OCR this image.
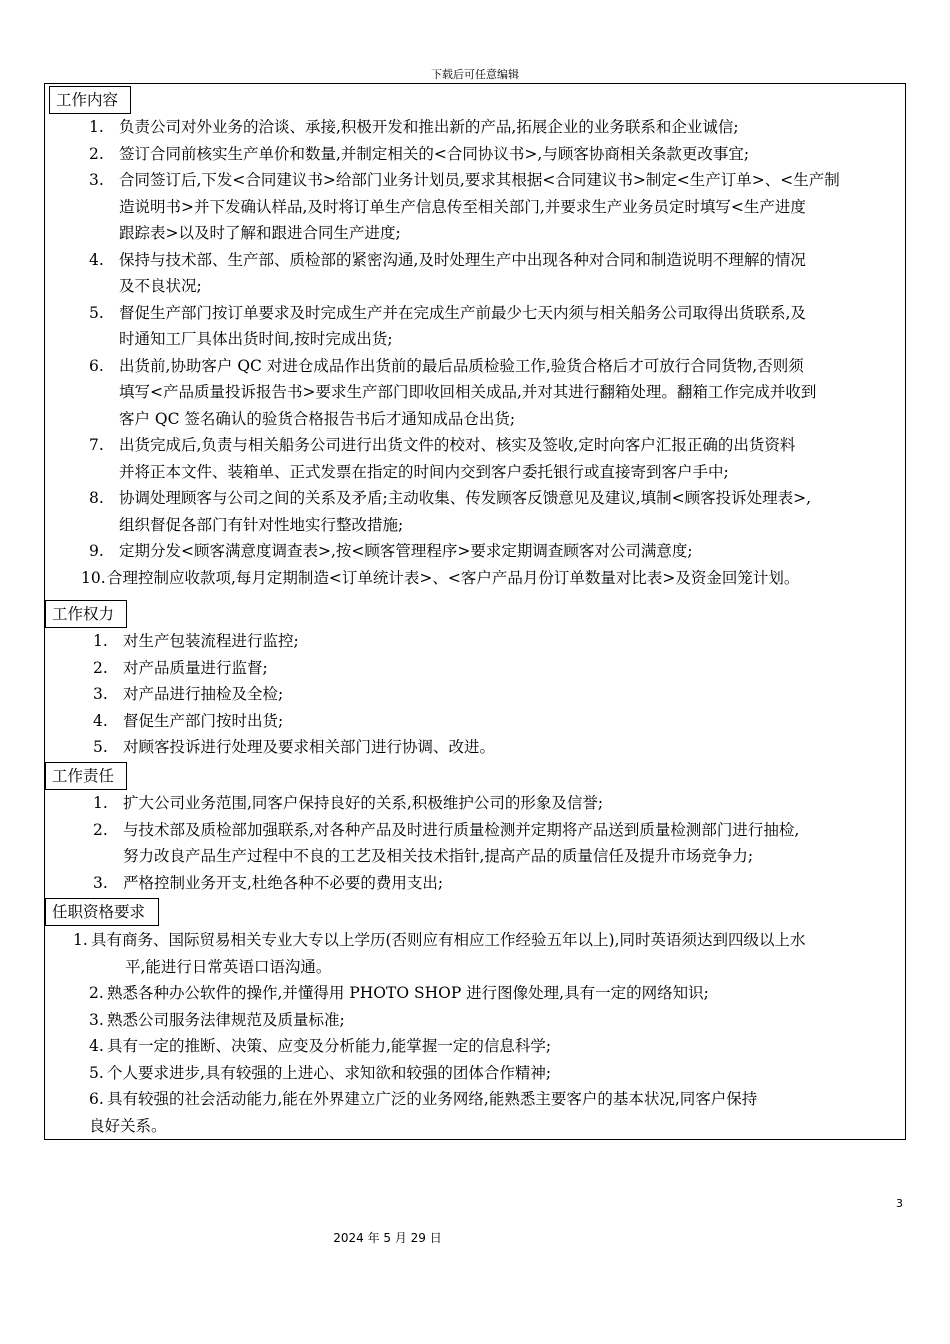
下载后可任意编辑
工作内容
1. 负责公司对外业务的洽谈、承接,积极开发和推出新的产品,拓展企业的业务联系和企业诚信;
2. 签订合同前核实生产单价和数量,并制定相关的<合同协议书>,与顾客协商相关条款更改事宜;
3. 合同签订后,下发<合同建议书>给部门业务计划员,要求其根据<合同建议书>制定<生产订单>、<生产制
造说明书>并下发确认样品,及时将订单生产信息传至相关部门,并要求生产业务员定时填写<生产进度
跟踪表>以及时了解和跟进合同生产进度;
4. 保持与技术部、生产部、质检部的紧密沟通,及时处理生产中出现各种对合同和制造说明不理解的情况
及不良状况;
5. 督促生产部门按订单要求及时完成生产并在完成生产前最少七天内须与相关船务公司取得出货联系,及
时通知工厂具体出货时间,按时完成出货;
6. 出货前,协助客户 QC 对进仓成品作出货前的最后品质检验工作,验货合格后才可放行合同货物,否则须
填写<产品质量投诉报告书>要求生产部门即收回相关成品,并对其进行翻箱处理。翻箱工作完成并收到
客户 QC 签名确认的验货合格报告书后才通知成品仓出货;
7. 出货完成后,负责与相关船务公司进行出货文件的校对、核实及签收,定时向客户汇报正确的出货资料
并将正本文件、装箱单、正式发票在指定的时间内交到客户委托银行或直接寄到客户手中;
8. 协调处理顾客与公司之间的关系及矛盾;主动收集、传发顾客反馈意见及建议,填制<顾客投诉处理表>,
组织督促各部门有针对性地实行整改措施;
9. 定期分发<顾客满意度调查表>,按<顾客管理程序>要求定期调查顾客对公司满意度;
10. 合理控制应收款项,每月定期制造<订单统计表>、<客户产品月份订单数量对比表>及资金回笼计划。
工作权力
1. 对生产包装流程进行监控;
2. 对产品质量进行监督;
3. 对产品进行抽检及全检;
4. 督促生产部门按时出货;
5. 对顾客投诉进行处理及要求相关部门进行协调、改进。
工作责任
1. 扩大公司业务范围,同客户保持良好的关系,积极维护公司的形象及信誉;
2. 与技术部及质检部加强联系,对各种产品及时进行质量检测并定期将产品送到质量检测部门进行抽检,
努力改良产品生产过程中不良的工艺及相关技术指针,提高产品的质量信任及提升市场竞争力;
3. 严格控制业务开支,杜绝各种不必要的费用支出;
任职资格要求
1. 具有商务、国际贸易相关专业大专以上学历(否则应有相应工作经验五年以上),同时英语须达到四级以上水
平,能进行日常英语口语沟通。
2. 熟悉各种办公软件的操作,并懂得用 PHOTO SHOP 进行图像处理,具有一定的网络知识;
3. 熟悉公司服务法律规范及质量标准;
4. 具有一定的推断、决策、应变及分析能力,能掌握一定的信息科学;
5. 个人要求进步,具有较强的上进心、求知欲和较强的团体合作精神;
6. 具有较强的社会活动能力,能在外界建立广泛的业务网络,能熟悉主要客户的基本状况,同客户保持
良好关系。
3
2024 年 5 月 29 日
